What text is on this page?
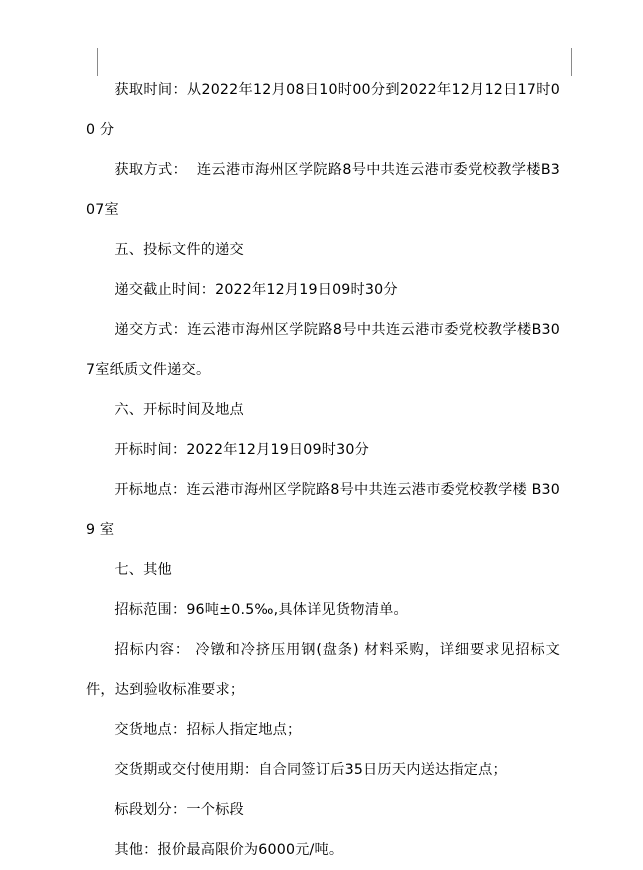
获取时间：从2022年12月08日10时00分到2022年12月12日17时00 分

获取方式：  连云港市海州区学院路8号中共连云港市委党校教学楼B307室

五、投标文件的递交

递交截止时间：2022年12月19日09时30分

递交方式：连云港市海州区学院路8号中共连云港市委党校教学楼B307室纸质文件递交。

六、开标时间及地点

开标时间：2022年12月19日09时30分

开标地点：连云港市海州区学院路8号中共连云港市委党校教学楼 B309 室

七、其他

招标范围：96吨±0.5‰,具体详见货物清单。

招标内容： 冷镦和冷挤压用钢(盘条) 材料采购，详细要求见招标文件，达到验收标准要求；

交货地点：招标人指定地点；

交货期或交付使用期：自合同签订后35日历天内送达指定点；

标段划分：一个标段

其他：报价最高限价为6000元/吨。
